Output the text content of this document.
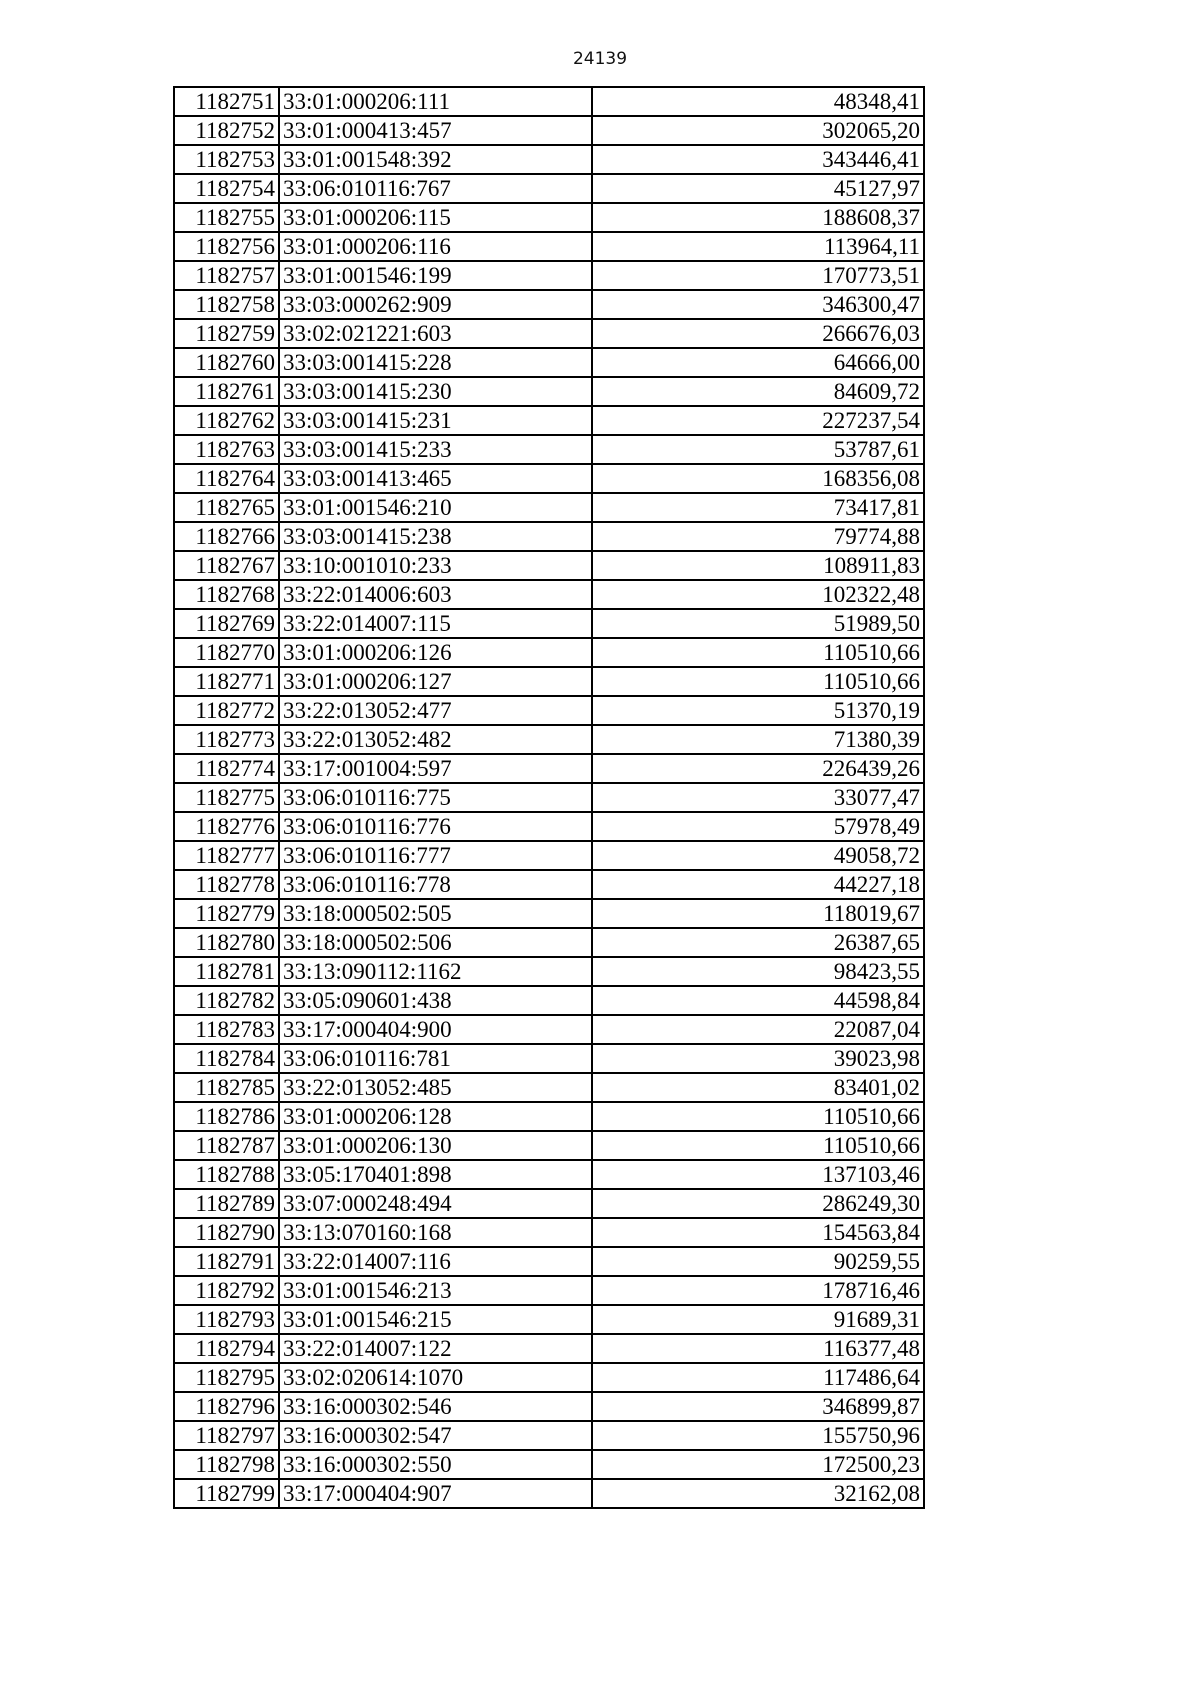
24139
1182751	33:01:000206:111	48348,41
1182752	33:01:000413:457	302065,20
1182753	33:01:001548:392	343446,41
1182754	33:06:010116:767	45127,97
1182755	33:01:000206:115	188608,37
1182756	33:01:000206:116	113964,11
1182757	33:01:001546:199	170773,51
1182758	33:03:000262:909	346300,47
1182759	33:02:021221:603	266676,03
1182760	33:03:001415:228	64666,00
1182761	33:03:001415:230	84609,72
1182762	33:03:001415:231	227237,54
1182763	33:03:001415:233	53787,61
1182764	33:03:001413:465	168356,08
1182765	33:01:001546:210	73417,81
1182766	33:03:001415:238	79774,88
1182767	33:10:001010:233	108911,83
1182768	33:22:014006:603	102322,48
1182769	33:22:014007:115	51989,50
1182770	33:01:000206:126	110510,66
1182771	33:01:000206:127	110510,66
1182772	33:22:013052:477	51370,19
1182773	33:22:013052:482	71380,39
1182774	33:17:001004:597	226439,26
1182775	33:06:010116:775	33077,47
1182776	33:06:010116:776	57978,49
1182777	33:06:010116:777	49058,72
1182778	33:06:010116:778	44227,18
1182779	33:18:000502:505	118019,67
1182780	33:18:000502:506	26387,65
1182781	33:13:090112:1162	98423,55
1182782	33:05:090601:438	44598,84
1182783	33:17:000404:900	22087,04
1182784	33:06:010116:781	39023,98
1182785	33:22:013052:485	83401,02
1182786	33:01:000206:128	110510,66
1182787	33:01:000206:130	110510,66
1182788	33:05:170401:898	137103,46
1182789	33:07:000248:494	286249,30
1182790	33:13:070160:168	154563,84
1182791	33:22:014007:116	90259,55
1182792	33:01:001546:213	178716,46
1182793	33:01:001546:215	91689,31
1182794	33:22:014007:122	116377,48
1182795	33:02:020614:1070	117486,64
1182796	33:16:000302:546	346899,87
1182797	33:16:000302:547	155750,96
1182798	33:16:000302:550	172500,23
1182799	33:17:000404:907	32162,08
